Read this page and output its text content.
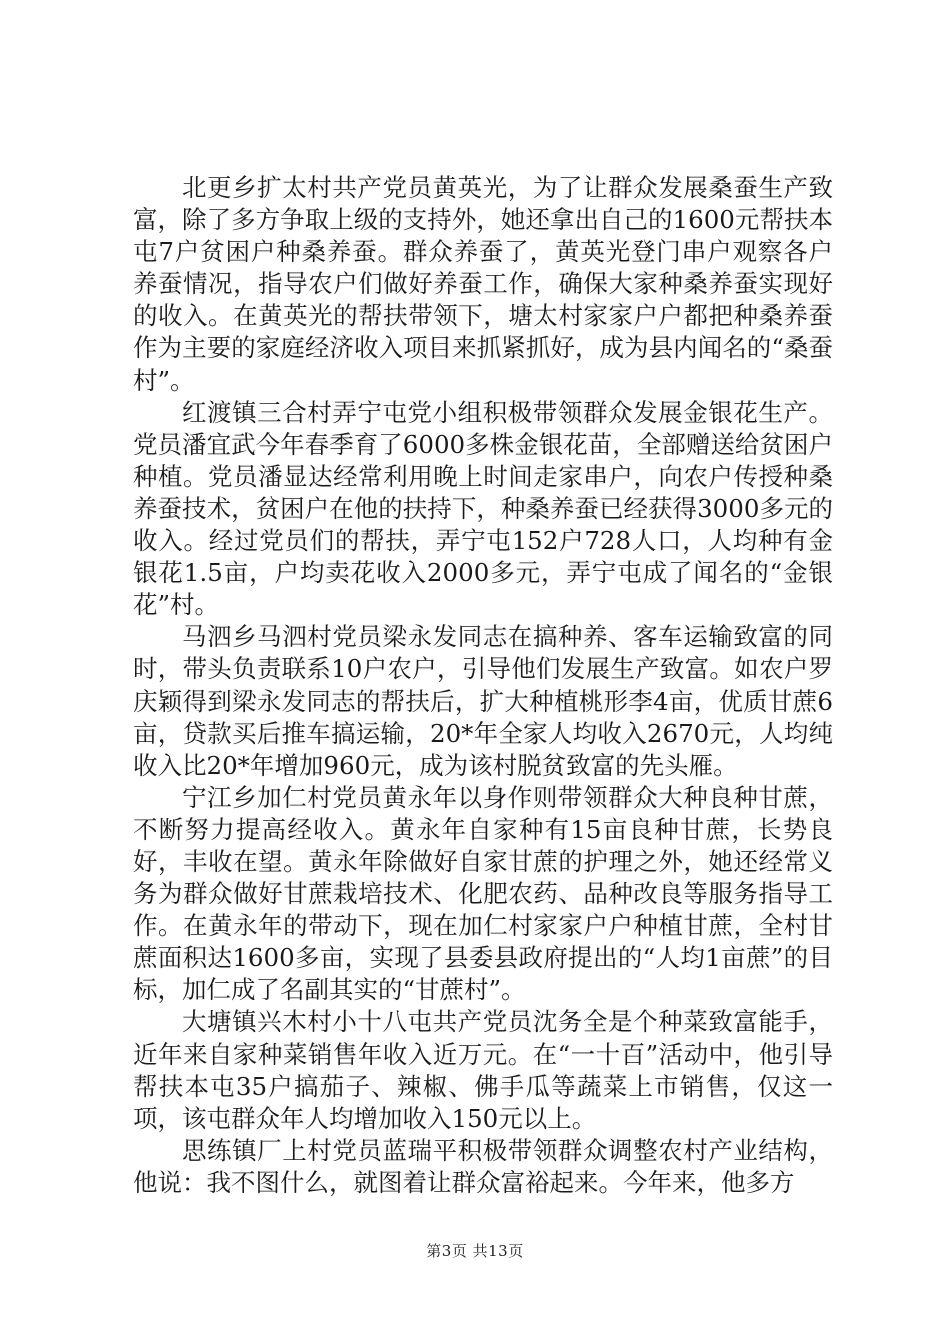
北更乡扩太村共产党员黄英光，为了让群众发展桑蚕生产致富，除了多方争取上级的支持外，她还拿出自己的1600元帮扶本屯7户贫困户种桑养蚕。群众养蚕了，黄英光登门串户观察各户养蚕情况，指导农户们做好养蚕工作，确保大家种桑养蚕实现好的收入。在黄英光的帮扶带领下，塘太村家家户户都把种桑养蚕作为主要的家庭经济收入项目来抓紧抓好，成为县内闻名的“桑蚕村”。

红渡镇三合村弄宁屯党小组积极带领群众发展金银花生产。党员潘宜武今年春季育了6000多株金银花苗，全部赠送给贫困户种植。党员潘显达经常利用晚上时间走家串户，向农户传授种桑养蚕技术，贫困户在他的扶持下，种桑养蚕已经获得3000多元的收入。经过党员们的帮扶，弄宁屯152户728人口，人均种有金银花1.5亩，户均卖花收入2000多元，弄宁屯成了闻名的“金银花”村。

马泗乡马泗村党员梁永发同志在搞种养、客车运输致富的同时，带头负责联系10户农户，引导他们发展生产致富。如农户罗庆颖得到梁永发同志的帮扶后，扩大种植桃形李4亩，优质甘蔗6亩，贷款买后推车搞运输，20*年全家人均收入2670元，人均纯收入比20*年增加960元，成为该村脱贫致富的先头雁。

宁江乡加仁村党员黄永年以身作则带领群众大种良种甘蔗，不断努力提高经收入。黄永年自家种有15亩良种甘蔗，长势良好，丰收在望。黄永年除做好自家甘蔗的护理之外，她还经常义务为群众做好甘蔗栽培技术、化肥农药、品种改良等服务指导工作。在黄永年的带动下，现在加仁村家家户户种植甘蔗，全村甘蔗面积达1600多亩，实现了县委县政府提出的“人均1亩蔗”的目标，加仁成了名副其实的“甘蔗村”。

大塘镇兴木村小十八屯共产党员沈务全是个种菜致富能手，近年来自家种菜销售年收入近万元。在“一十百”活动中，他引导帮扶本屯35户搞茄子、辣椒、佛手瓜等蔬菜上市销售，仅这一项，该屯群众年人均增加收入150元以上。

思练镇厂上村党员蓝瑞平积极带领群众调整农村产业结构，他说：我不图什么，就图着让群众富裕起来。今年来，他多方

第3页 共13页
